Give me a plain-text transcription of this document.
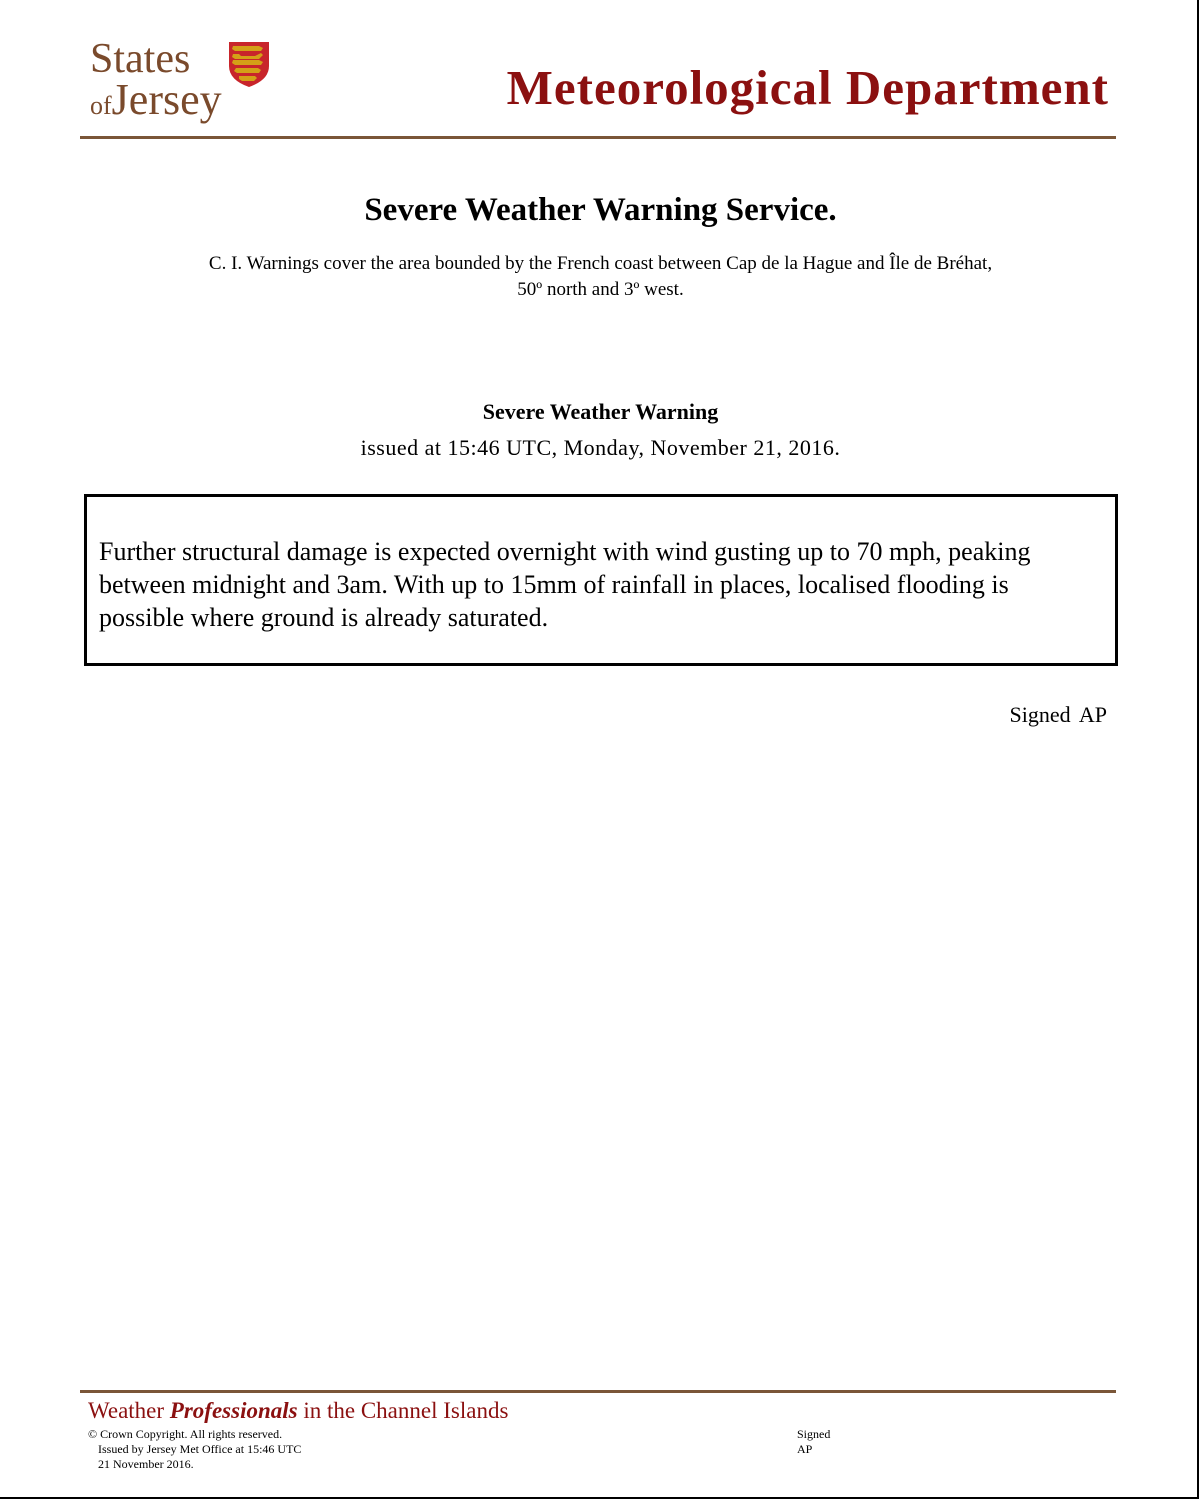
States
ofJersey	Meteorological Department
Severe Weather Warning Service.
C. I. Warnings cover the area bounded by the French coast between Cap de la Hague and Île de Bréhat,
50º north and 3º west.
Severe Weather Warning
issued at 15:46 UTC, Monday, November 21, 2016.

Further structural damage is expected overnight with wind gusting up to 70 mph, peaking between midnight and 3am. With up to 15mm of rainfall in places, localised flooding is possible where ground is already saturated.

Signed AP
Weather Professionals in the Channel Islands
© Crown Copyright. All rights reserved.
Issued by Jersey Met Office at 15:46 UTC
21 November 2016.
Signed
AP
